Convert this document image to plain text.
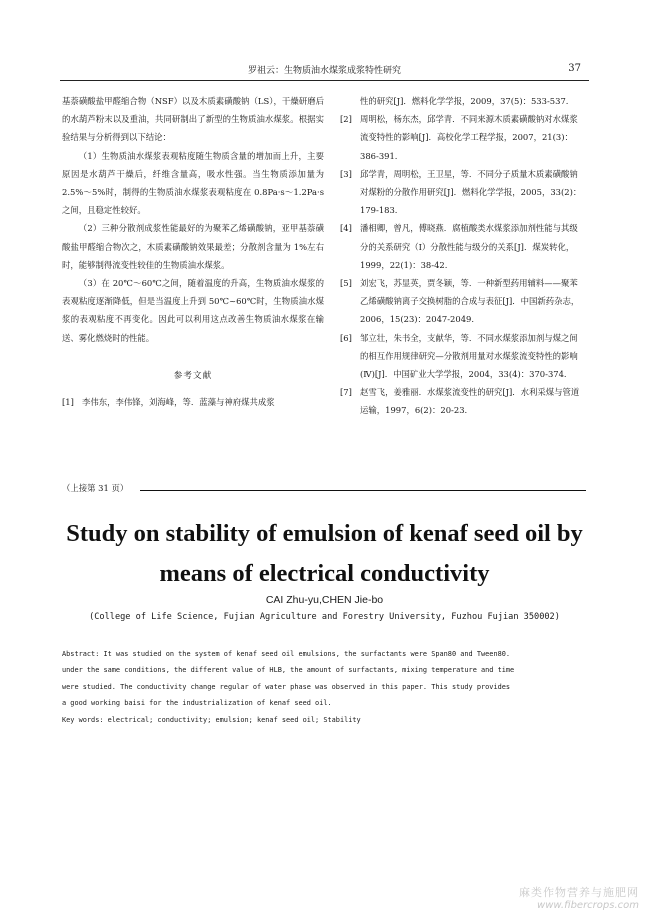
罗祖云：生物质油水煤浆成浆特性研究	37

基萘磺酸盐甲醛缩合物（NSF）以及木质素磺酸钠（LS），干燥研磨后的水葫芦粉末以及重油，共同研制出了新型的生物质油水煤浆。根据实验结果与分析得到以下结论：

（1）生物质油水煤浆表观粘度随生物质含量的增加而上升，主要原因是水葫芦干燥后，纤维含量高，吸水性强。当生物质添加量为 2.5%～5%时，制得的生物质油水煤浆表观粘度在 0.8Pa·s～1.2Pa·s 之间，且稳定性较好。

（2）三种分散剂成浆性能最好的为聚苯乙烯磺酸钠，亚甲基萘磺酸盐甲醛缩合物次之，木质素磺酸钠效果最差；分散剂含量为 1%左右时，能够制得流变性较佳的生物质油水煤浆。

（3）在 20℃～60℃之间，随着温度的升高，生物质油水煤浆的表观粘度逐渐降低，但是当温度上升到 50℃~60℃时，生物质油水煤浆的表观粘度不再变化。因此可以利用这点改善生物质油水煤浆在输送、雾化燃烧时的性能。

参考文献
[1] 李伟东，李伟锋，刘海峰，等．蓝藻与神府煤共成浆
性的研究[J]．燃料化学学报，2009，37(5)：533-537.
[2] 周明松，杨东杰，邱学青．不同来源木质素磺酸钠对水煤浆流变特性的影响[J]．高校化学工程学报，2007，21(3)：386-391.
[3] 邱学青，周明松，王卫星，等．不同分子质量木质素磺酸钠对煤粉的分散作用研究[J]．燃料化学学报，2005，33(2)：179-183.
[4] 潘相卿，曾凡，傅晓燕．腐植酸类水煤浆添加剂性能与其级分的关系研究（Ⅰ）分散性能与级分的关系[J]．煤炭转化，1999，22(1)：38-42.
[5] 刘宏飞，苏显英，贾冬颖，等．一种新型药用辅料——聚苯乙烯磺酸钠离子交换树脂的合成与表征[J]．中国新药杂志，2006，15(23)：2047-2049.
[6] 邹立壮，朱书全，支献华，等．不同水煤浆添加剂与煤之间的相互作用规律研究—分散剂用量对水煤浆流变特性的影响(Ⅳ)[J]．中国矿业大学学报，2004，33(4)：370-374.
[7] 赵雪飞，姜雅丽．水煤浆流变性的研究[J]．水利采煤与管道运输，1997，6(2)：20-23.
（上接第 31 页）
Study on stability of emulsion of kenaf seed oil by
means of electrical conductivity
CAI Zhu-yu,CHEN Jie-bo
(College of Life Science, Fujian Agriculture and Forestry University, Fuzhou Fujian 350002)
Abstract: It was studied on the system of kenaf seed oil emulsions, the surfactants were Span80 and Tween80.
under the same conditions, the different value of HLB, the amount of surfactants, mixing temperature and time
were studied. The conductivity change regular of water phase was observed in this paper. This study provides
a good working baisi for the industrialization of kenaf seed oil.
Key words: electrical; conductivity; emulsion; kenaf seed oil; Stability
麻类作物营养与施肥网
www.fibercrops.com
